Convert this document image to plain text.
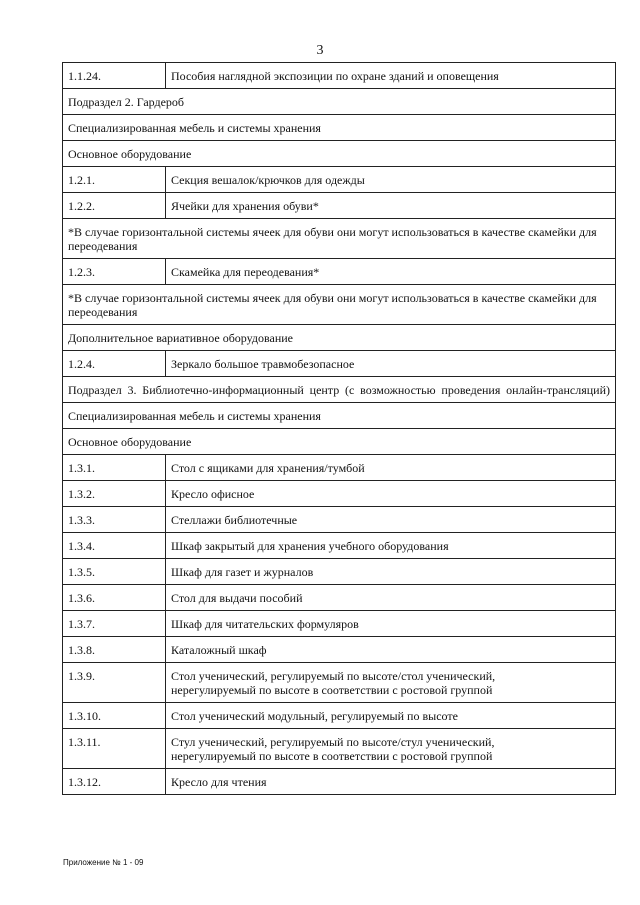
3
1.1.24.	Пособия наглядной экспозиции по охране зданий и оповещения
Подраздел 2. Гардероб	
Специализированная мебель и системы хранения	
Основное оборудование	
1.2.1.	Секция вешалок/крючков для одежды
1.2.2.	Ячейки для хранения обуви*
*В случае горизонтальной системы ячеек для обуви они могут использоваться в качестве скамейки для переодевания	
1.2.3.	Скамейка для переодевания*
*В случае горизонтальной системы ячеек для обуви они могут использоваться в качестве скамейки для переодевания	
Дополнительное вариативное оборудование	
1.2.4.	Зеркало большое травмобезопасное
Подраздел 3. Библиотечно-информационный центр (с возможностью проведения онлайн-трансляций)	
Специализированная мебель и системы хранения	
Основное оборудование	
1.3.1.	Стол с ящиками для хранения/тумбой
1.3.2.	Кресло офисное
1.3.3.	Стеллажи библиотечные
1.3.4.	Шкаф закрытый для хранения учебного оборудования
1.3.5.	Шкаф для газет и журналов
1.3.6.	Стол для выдачи пособий
1.3.7.	Шкаф для читательских формуляров
1.3.8.	Каталожный шкаф
1.3.9.	Стол ученический, регулируемый по высоте/стол ученический,
нерегулируемый по высоте в соответствии с ростовой группой

1.3.10.	Стол ученический модульный, регулируемый по высоте
1.3.11.	Стул ученический, регулируемый по высоте/стул ученический,
нерегулируемый по высоте в соответствии с ростовой группой

1.3.12.	Кресло для чтения
Приложение № 1 - 09
